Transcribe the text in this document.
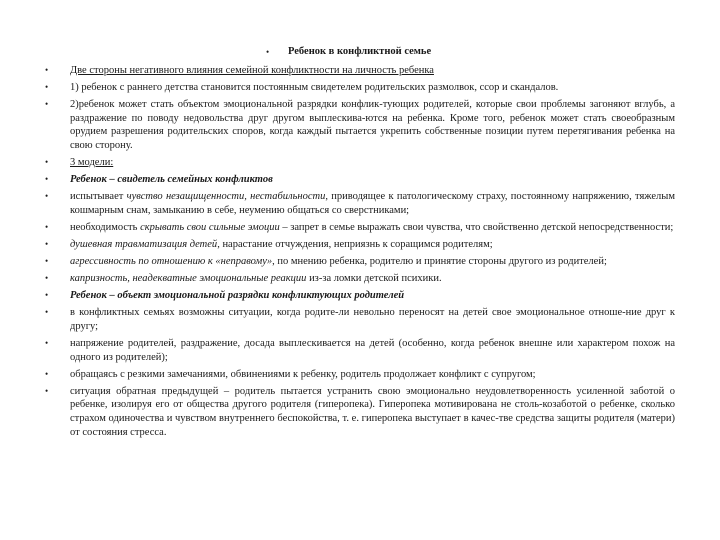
• Ребенок в конфликтной семье
• Две стороны негативного влияния семейной конфликтности на личность ребенка
• 1) ребенок с раннего детства становится постоянным свидетелем родительских размолвок, ссор и скандалов.
• 2)ребенок может стать объектом эмоциональной разрядки конфлик-тующих родителей, которые свои проблемы загоняют вглубь, а раздражение по поводу недовольства друг другом выплескива-ются на ребенка. Кроме того, ребенок может стать своеобразным орудием разрешения родительских споров, когда каждый пытается укрепить собственные позиции путем перетягивания ребенка на свою сторону.
• 3 модели:
• Ребенок – свидетель семейных конфликтов
• испытывает чувство незащищенности, нестабильности, приводящее к патологическому страху, постоянному напряжению, тяжелым кошмарным снам, замыканию в себе, неумению общаться со сверстниками;
• необходимость скрывать свои сильные эмоции – запрет в семье выражать свои чувства, что свойственно детской непосредственности;
• душевная травматизация детей, нарастание отчуждения, неприязнь к соращимся родителям;
• агрессивность по отношению к «неправому», по мнению ребенка, родителю и принятие стороны другого из родителей;
• капризность, неадекватные эмоциональные реакции из-за ломки детской психики.
• Ребенок – объект эмоциональной разрядки конфликтующих родителей
• в конфликтных семьях возможны ситуации, когда родите-ли невольно переносят на детей свое эмоциональное отноше-ние друг к другу;
• напряжение родителей, раздражение, досада выплескивается на детей (особенно, когда ребенок внешне или характером похож на одного из родителей);
• обращаясь с резкими замечаниями, обвинениями к ребенку, родитель продолжает конфликт с супругом;
• ситуация обратная предыдущей – родитель пытается устранить свою эмоционально неудовлетворенность усиленной заботой о ребенке, изолируя его от общества другого родителя (гиперопека). Гиперопека мотивирована не столь-козаботой о ребенке, сколько страхом одиночества и чувством внутреннего беспокойства, т. е. гиперопека выступает в качес-тве средства защиты родителя (матери) от состояния стресса.
